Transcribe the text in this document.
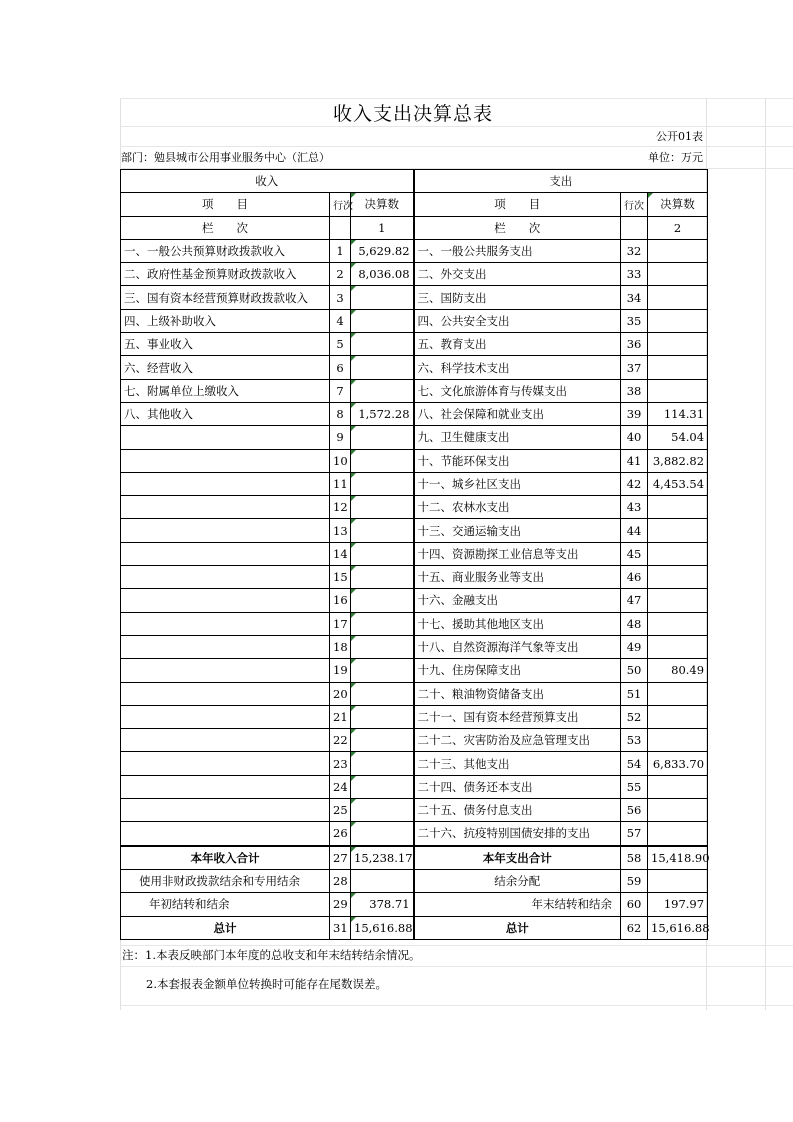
收入支出决算总表
公开01表
部门：勉县城市公用事业服务中心（汇总）	单位：万元
收入			支出		
项　　目	行次	决算数	项　　目	行次	决算数
栏　　次		1	栏　　次		2
一、一般公共预算财政拨款收入	1	5,629.82	一、一般公共服务支出	32	
二、政府性基金预算财政拨款收入	2	8,036.08	二、外交支出	33	
三、国有资本经营预算财政拨款收入	3		三、国防支出	34	
四、上级补助收入	4		四、公共安全支出	35	
五、事业收入	5		五、教育支出	36	
六、经营收入	6		六、科学技术支出	37	
七、附属单位上缴收入	7		七、文化旅游体育与传媒支出	38	
八、其他收入	8	1,572.28	八、社会保障和就业支出	39	114.31
	9		九、卫生健康支出	40	54.04
	10		十、节能环保支出	41	3,882.82
	11		十一、城乡社区支出	42	4,453.54
	12		十二、农林水支出	43	
	13		十三、交通运输支出	44	
	14		十四、资源勘探工业信息等支出	45	
	15		十五、商业服务业等支出	46	
	16		十六、金融支出	47	
	17		十七、援助其他地区支出	48	
	18		十八、自然资源海洋气象等支出	49	
	19		十九、住房保障支出	50	80.49
	20		二十、粮油物资储备支出	51	
	21		二十一、国有资本经营预算支出	52	
	22		二十二、灾害防治及应急管理支出	53	
	23		二十三、其他支出	54	6,833.70
	24		二十四、债务还本支出	55	
	25		二十五、债务付息支出	56	
	26		二十六、抗疫特别国债安排的支出	57	
本年收入合计	27	15,238.17	本年支出合计	58	15,418.90
使用非财政拨款结余和专用结余	28		结余分配	59	
年初结转和结余	29	378.71	年末结转和结余	60	197.97
总计	31	15,616.88	总计	62	15,616.88
注：1.本表反映部门本年度的总收支和年末结转结余情况。
2.本套报表金额单位转换时可能存在尾数误差。
